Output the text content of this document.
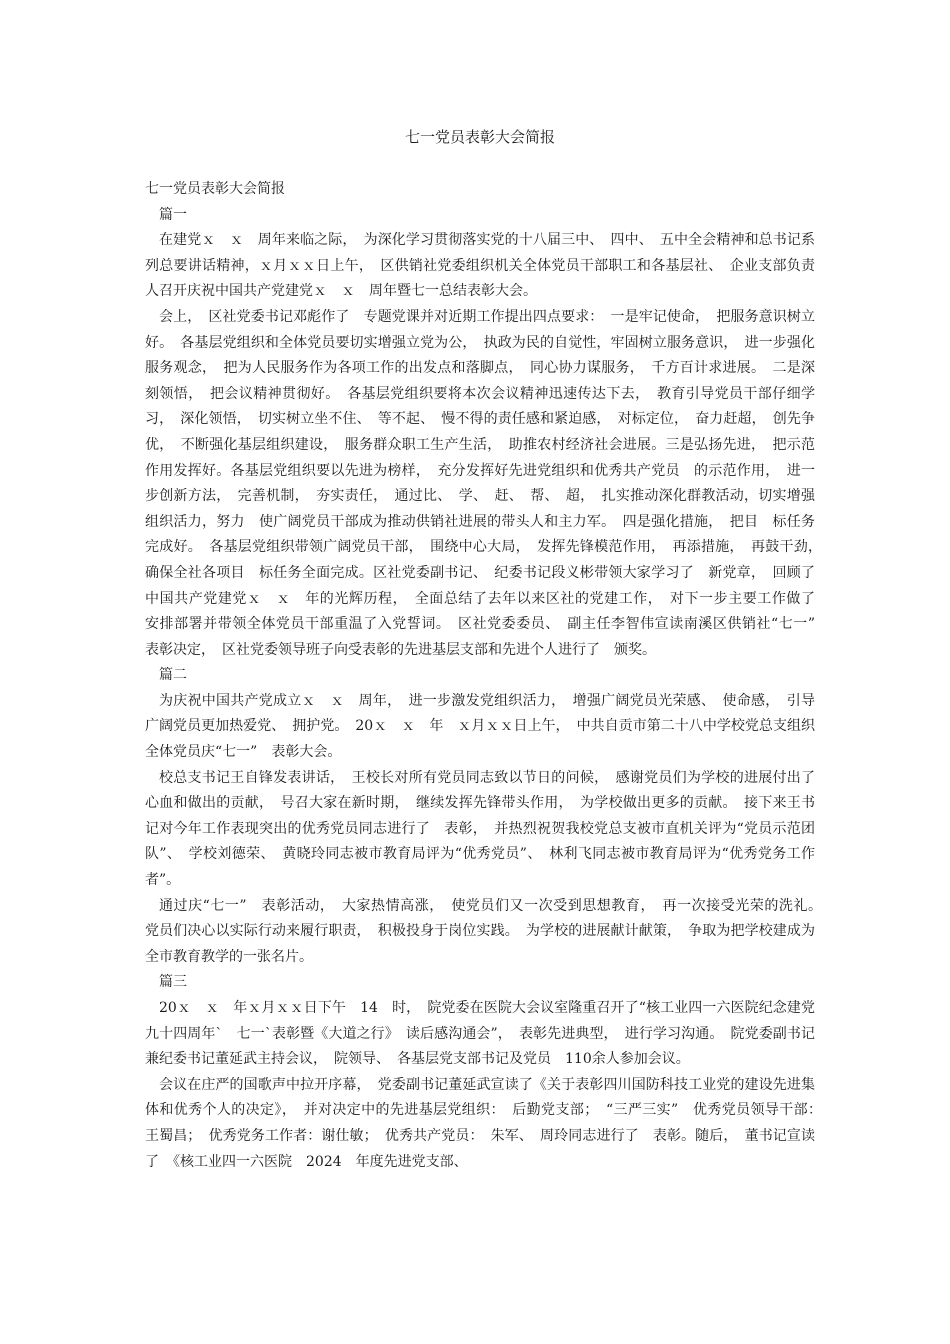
七一党员表彰大会简报

七一党员表彰大会简报

篇一

在建党ｘ　ｘ　周年来临之际，　为深化学习贯彻落实党的十八届三中、　四中、　五中全会精神和总书记系列总要讲话精神，ｘ月ｘｘ日上午，　区供销社党委组织机关全体党员干部职工和各基层社、　企业支部负责人召开庆祝中国共产党建党ｘ　ｘ　周年暨七一总结表彰大会。

会上，　区社党委书记邓彪作了　专题党课并对近期工作提出四点要求：　一是牢记使命，　把服务意识树立好。　各基层党组织和全体党员要切实增强立党为公，　执政为民的自觉性，牢固树立服务意识，　进一步强化服务观念，　把为人民服务作为各项工作的出发点和落脚点，　同心协力谋服务，　千方百计求进展。　二是深刻领悟，　把会议精神贯彻好。　各基层党组织要将本次会议精神迅速传达下去，　教育引导党员干部仔细学习，　深化领悟，　切实树立坐不住、　等不起、　慢不得的责任感和紧迫感，　对标定位，　奋力赶超，　创先争优，　不断强化基层组织建设，　服务群众职工生产生活，　助推农村经济社会进展。三是弘扬先进，　把示范作用发挥好。各基层党组织要以先进为榜样，　充分发挥好先进党组织和优秀共产党员　的示范作用，　进一步创新方法，　完善机制，　夯实责任，　通过比、　学、　赶、　帮、　超，　扎实推动深化群教活动，切实增强组织活力，努力　使广阔党员干部成为推动供销社进展的带头人和主力军。　四是强化措施，　把目　标任务完成好。　各基层党组织带领广阔党员干部，　围绕中心大局，　发挥先锋模范作用，　再添措施，　再鼓干劲，　确保全社各项目　标任务全面完成。区社党委副书记、　纪委书记段义彬带领大家学习了　新党章，　回顾了　中国共产党建党ｘ　ｘ　年的光辉历程，　全面总结了去年以来区社的党建工作，　对下一步主要工作做了　安排部署并带领全体党员干部重温了入党誓词。　区社党委委员、　副主任李智伟宣读南溪区供销社“七一”　表彰决定，　区社党委领导班子向受表彰的先进基层支部和先进个人进行了　颁奖。

篇二

为庆祝中国共产党成立ｘ　ｘ　周年，　进一步激发党组织活力，　增强广阔党员光荣感、　使命感，　引导广阔党员更加热爱党、　拥护党。　20ｘ　ｘ　年　ｘ月ｘｘ日上午，　中共自贡市第二十八中学校党总支组织全体党员庆“七一”　表彰大会。

校总支书记王自锋发表讲话，　王校长对所有党员同志致以节日的问候，　感谢党员们为学校的进展付出了　心血和做出的贡献，　号召大家在新时期，　继续发挥先锋带头作用，　为学校做出更多的贡献。　接下来王书记对今年工作表现突出的优秀党员同志进行了　表彰，　并热烈祝贺我校党总支被市直机关评为“党员示范团队”、　学校刘德荣、　黄晓玲同志被市教育局评为“优秀党员”、　林利飞同志被市教育局评为“优秀党务工作者”。

通过庆“七一”　表彰活动，　大家热情高涨，　使党员们又一次受到思想教育，　再一次接受光荣的洗礼。　党员们决心以实际行动来履行职责，　积极投身于岗位实践。　为学校的进展献计献策，　争取为把学校建成为全市教育教学的一张名片。

篇三

20ｘ　ｘ　年ｘ月ｘｘ日下午　14　时，　院党委在医院大会议室隆重召开了“核工业四一六医院纪念建党九十四周年`　七一`表彰暨《大道之行》　读后感沟通会”，　表彰先进典型，　进行学习沟通。　院党委副书记兼纪委书记董延武主持会议，　院领导、　各基层党支部书记及党员　110余人参加会议。

会议在庄严的国歌声中拉开序幕，　党委副书记董延武宣读了《关于表彰四川国防科技工业党的建设先进集体和优秀个人的决定》，　并对决定中的先进基层党组织：　后勤党支部；　“三严三实”　优秀党员领导干部：　王蜀昌；　优秀党务工作者：谢仕敏；　优秀共产党员：　朱军、　周玲同志进行了　表彰。随后，　董书记宣读了　《核工业四一六医院　2024　年度先进党支部、
